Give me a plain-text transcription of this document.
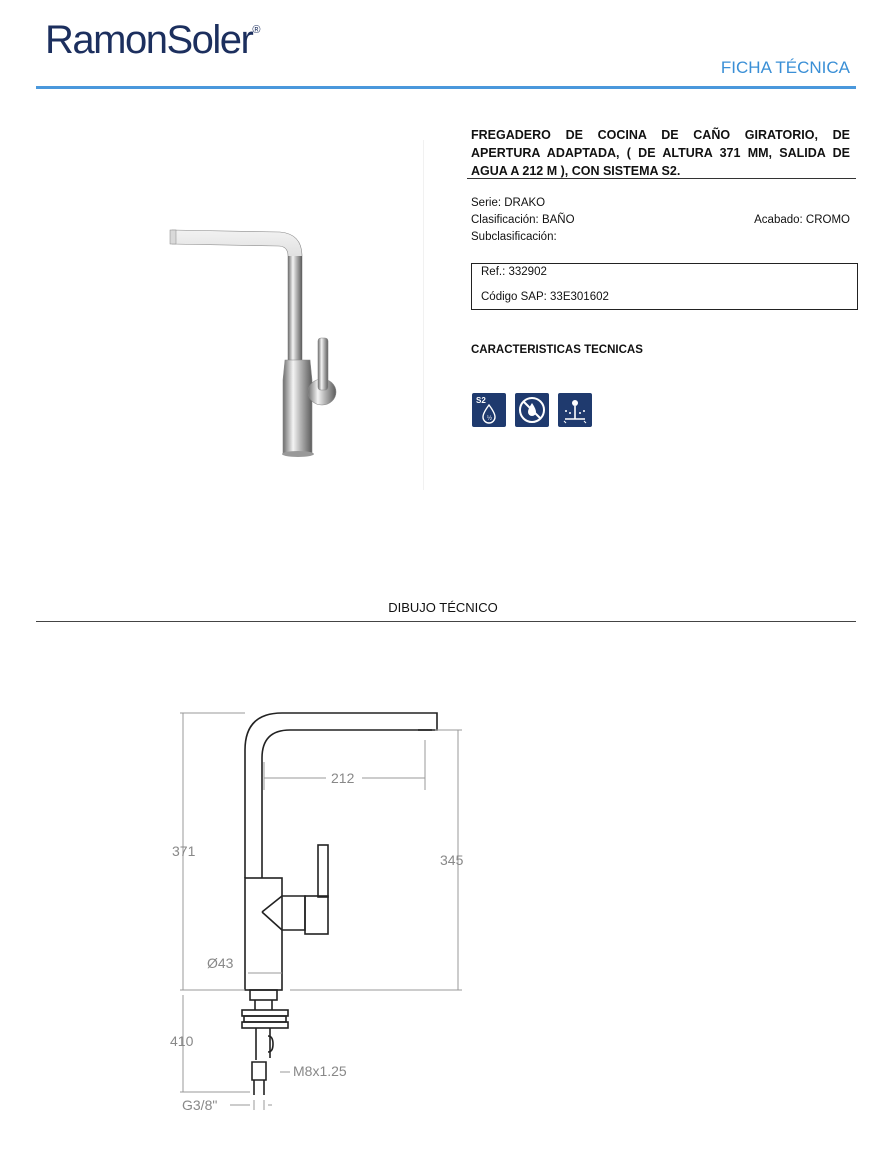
RamonSoler®
FICHA TÉCNICA
FREGADERO DE COCINA DE CAÑO GIRATORIO, DE APERTURA ADAPTADA, ( DE ALTURA 371 MM, SALIDA DE AGUA A 212 M ), CON SISTEMA S2.
Serie: DRAKO
Clasificación: BAÑO	Acabado: CROMO
Subclasificación:
Ref.: 332902
Código SAP: 33E301602
CARACTERISTICAS TECNICAS
½
S2
DIBUJO TÉCNICO
212
371
345
Ø43
410
M8x1.25
G3/8"
